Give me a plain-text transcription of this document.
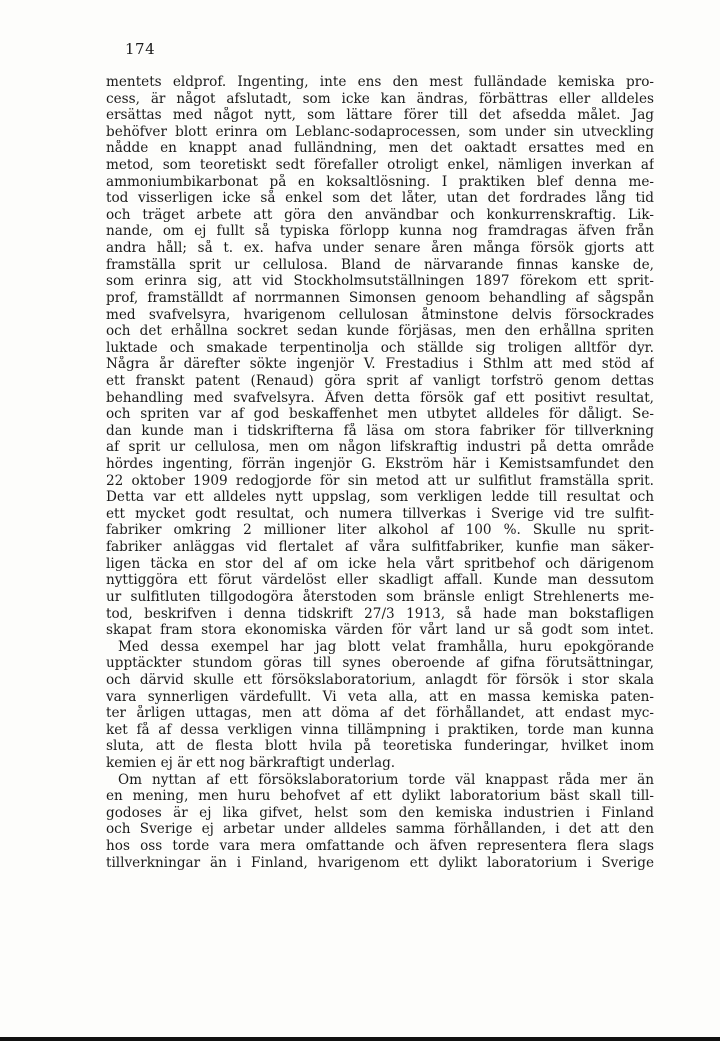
174
mentets eldprof. Ingenting, inte ens den mest fulländade kemiska pro-
cess, är något afslutadt, som icke kan ändras, förbättras eller alldeles
ersättas med något nytt, som lättare förer till det afsedda målet. Jag
behöfver blott erinra om Leblanc-sodaprocessen, som under sin utveckling
nådde en knappt anad fulländning, men det oaktadt ersattes med en
metod, som teoretiskt sedt förefaller otroligt enkel, nämligen inverkan af
ammoniumbikarbonat på en koksaltlösning. I praktiken blef denna me-
tod visserligen icke så enkel som det låter, utan det fordrades lång tid
och träget arbete att göra den användbar och konkurrenskraftig. Lik-
nande, om ej fullt så typiska förlopp kunna nog framdragas äfven från
andra håll; så t. ex. hafva under senare åren många försök gjorts att
framställa sprit ur cellulosa. Bland de närvarande finnas kanske de,
som erinra sig, att vid Stockholmsutställningen 1897 förekom ett sprit-
prof, framställdt af norrmannen Simonsen genoom behandling af sågspån
med svafvelsyra, hvarigenom cellulosan åtminstone delvis försockrades
och det erhållna sockret sedan kunde förjäsas, men den erhållna spriten
luktade och smakade terpentinolja och ställde sig troligen alltför dyr.
Några år därefter sökte ingenjör V. Frestadius i Sthlm att med stöd af
ett franskt patent (Renaud) göra sprit af vanligt torfströ genom dettas
behandling med svafvelsyra. Äfven detta försök gaf ett positivt resultat,
och spriten var af god beskaffenhet men utbytet alldeles för dåligt. Se-
dan kunde man i tidskrifterna få läsa om stora fabriker för tillverkning
af sprit ur cellulosa, men om någon lifskraftig industri på detta område
hördes ingenting, förrän ingenjör G. Ekström här i Kemistsamfundet den
22 oktober 1909 redogjorde för sin metod att ur sulfitlut framställa sprit.
Detta var ett alldeles nytt uppslag, som verkligen ledde till resultat och
ett mycket godt resultat, och numera tillverkas i Sverige vid tre sulfit-
fabriker omkring 2 millioner liter alkohol af 100 %. Skulle nu sprit-
fabriker anläggas vid flertalet af våra sulfitfabriker, kunfie man säker-
ligen täcka en stor del af om icke hela vårt spritbehof och därigenom
nyttiggöra ett förut värdelöst eller skadligt affall. Kunde man dessutom
ur sulfitluten tillgodogöra återstoden som bränsle enligt Strehlenerts me-
tod, beskrifven i denna tidskrift 27/3 1913, så hade man bokstafligen
skapat fram stora ekonomiska värden för vårt land ur så godt som intet.
Med dessa exempel har jag blott velat framhålla, huru epokgörande
upptäckter stundom göras till synes oberoende af gifna förutsättningar,
och därvid skulle ett försökslaboratorium, anlagdt för försök i stor skala
vara synnerligen värdefullt. Vi veta alla, att en massa kemiska paten-
ter årligen uttagas, men att döma af det förhållandet, att endast myc-
ket få af dessa verkligen vinna tillämpning i praktiken, torde man kunna
sluta, att de flesta blott hvila på teoretiska funderingar, hvilket inom
kemien ej är ett nog bärkraftigt underlag.
Om nyttan af ett försökslaboratorium torde väl knappast råda mer än
en mening, men huru behofvet af ett dylikt laboratorium bäst skall till-
godoses är ej lika gifvet, helst som den kemiska industrien i Finland
och Sverige ej arbetar under alldeles samma förhållanden, i det att den
hos oss torde vara mera omfattande och äfven representera flera slags
tillverkningar än i Finland, hvarigenom ett dylikt laboratorium i Sverige
